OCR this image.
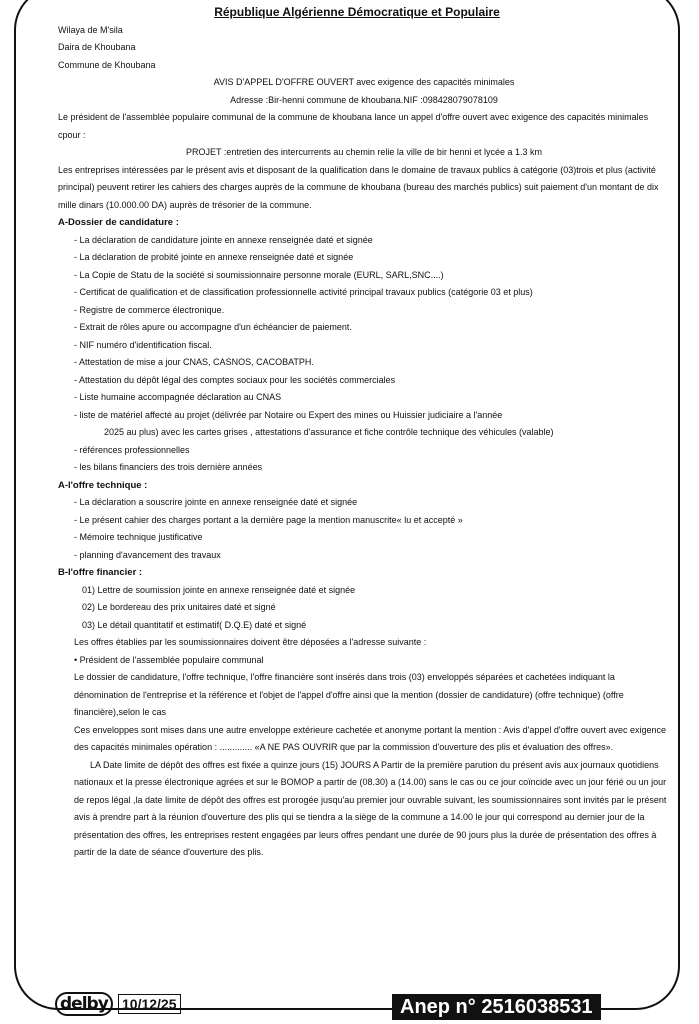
République Algérienne Démocratique et Populaire
Wilaya de M'sila
Daira de Khoubana
Commune de Khoubana
AVIS D'APPEL D'OFFRE OUVERT avec exigence des capacités minimales
Adresse :Bir-henni commune de khoubana.NIF :098428079078109

Le président de l'assemblée populaire communal de la commune de khoubana lance un appel d'offre ouvert avec exigence des capacités minimales cpour :

PROJET :entretien des intercurrents au chemin relie la ville de bir henni et lycée a 1.3 km

Les entreprises intéressées par le présent avis et disposant de la qualification dans le domaine de travaux publics à catégorie (03)trois et plus (activité principal) peuvent retirer les cahiers des charges auprès de la commune de khoubana (bureau des marchés publics) suit paiement d'un montant de dix mille dinars (10.000.00 DA) auprès de trésorier de la commune.

A-Dossier de candidature :
- La déclaration de candidature jointe en annexe renseignée daté et signée
- La déclaration de probité jointe en annexe renseignée daté et signée
- La Copie de Statu de la société si soumissionnaire personne morale (EURL, SARL,SNC....)
- Certificat de qualification et de classification professionnelle activité principal travaux publics (catégorie 03 et plus)
- Registre de commerce électronique.
- Extrait de rôles apure ou accompagne d'un échéancier de paiement.
- NIF numéro d'identification fiscal.
- Attestation de mise a jour CNAS, CASNOS, CACOBATPH.
- Attestation du dépôt légal des comptes sociaux pour les sociétés commerciales
- Liste humaine accompagnée déclaration au CNAS
- liste de matériel affecté au projet (délivrée par Notaire ou Expert des mines ou Huissier judiciaire a l'année
2025 au plus) avec les cartes grises , attestations d'assurance et fiche contrôle technique des véhicules (valable)
- références professionnelles
- les bilans financiers des trois dernière années
A-l'offre technique :
- La déclaration a souscrire jointe en annexe renseignée daté et signée
- Le présent cahier des charges portant a la dernière page la mention manuscrite« lu et accepté »
- Mémoire technique justificative
- planning d'avancement des travaux
B-l'offre financier :
01) Lettre de soumission jointe en annexe renseignée daté et signée
02) Le bordereau des prix unitaires daté et signé
03) Le détail quantitatif et estimatif( D.Q.E) daté et signé

Les offres établies par les soumissionnaires doivent être déposées a l'adresse suivante :

• Président de l'assemblée populaire communal

Le dossier de candidature, l'offre technique, l'offre financière sont insérés dans trois (03) enveloppés séparées et cachetées indiquant la dénomination de l'entreprise et la référence et l'objet de l'appel d'offre ainsi que la mention (dossier de candidature) (offre technique) (offre financière),selon le cas

Ces enveloppes sont mises dans une autre enveloppe extérieure cachetée et anonyme portant la mention : Avis d'appel d'offre ouvert avec exigence des capacités minimales opération : ............. «A NE PAS OUVRIR que par la commission d'ouverture des plis et évaluation des offres».

LA Date limite de dépôt des offres est fixée a quinze jours (15) JOURS A Partir de la première parution du présent avis aux journaux quotidiens nationaux et la presse électronique agrées et sur le BOMOP a partir de (08.30) a (14.00) sans le cas ou ce jour coïncide avec un jour férié ou un jour de repos légal ,la date limite de dépôt des offres est prorogée jusqu'au premier jour ouvrable suivant, les soumissionnaires sont invités par le présent avis à prendre part à la réunion d'ouverture des plis qui se tiendra a la siège de la commune a 14.00 le jour qui correspond au dernier jour de la présentation des offres, les entreprises restent engagées par leurs offres pendant une durée de 90 jours plus la durée de présentation des offres à partir de la date de séance d'ouverture des plis.

delby	10/12/25	Anep n° 2516038531
